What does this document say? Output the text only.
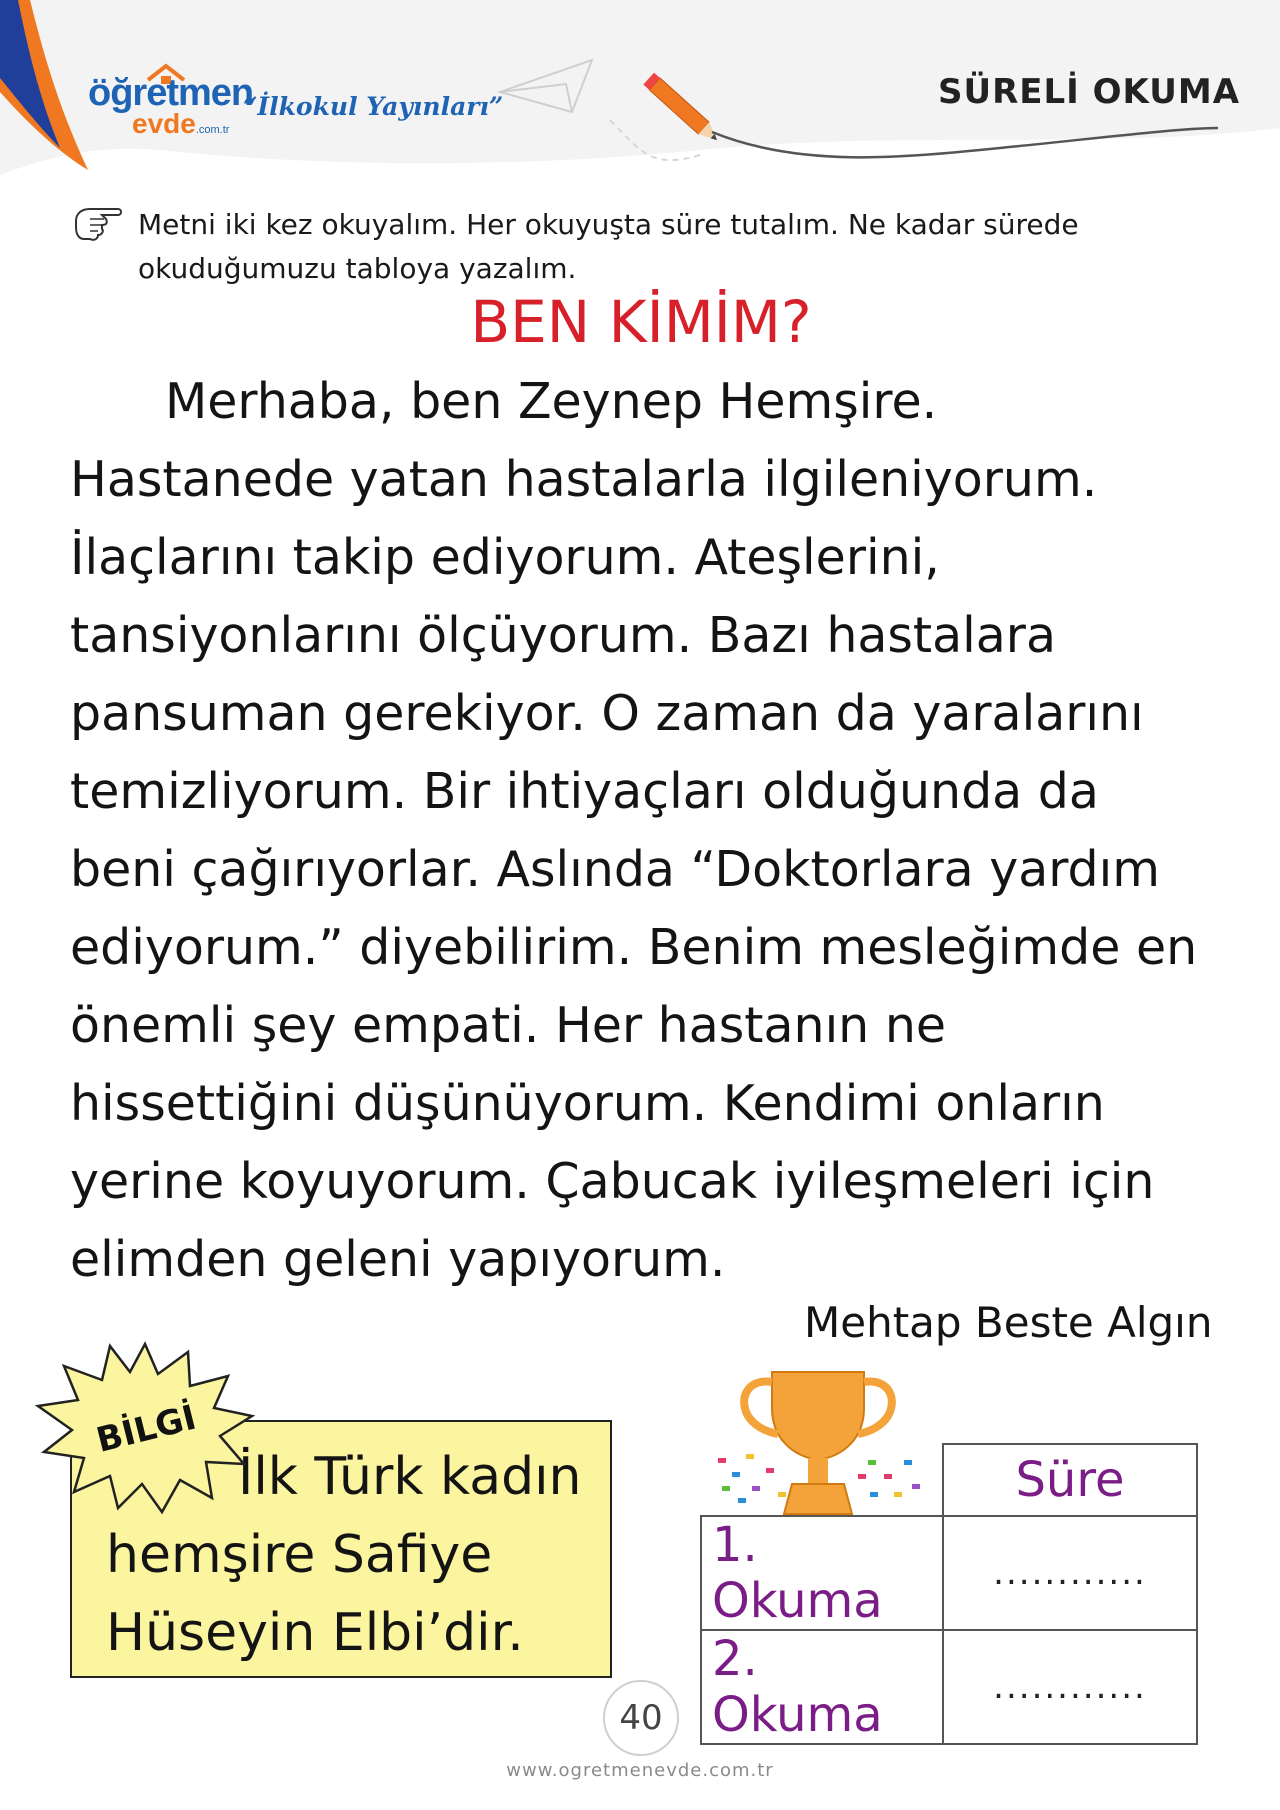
öğretmen
evde.com.tr
“İlkokul Yayınları”	SÜRELİ OKUMA
Metni iki kez okuyalım. Her okuyuşta süre tutalım. Ne kadar sürede okuduğumuzu tabloya yazalım.
BEN KİMİM?
Merhaba, ben Zeynep Hemşire.
Hastanede yatan hastalarla ilgileniyorum.
İlaçlarını takip ediyorum. Ateşlerini,
tansiyonlarını ölçüyorum. Bazı hastalara
pansuman gerekiyor. O zaman da yaralarını
temizliyorum. Bir ihtiyaçları olduğunda da
beni çağırıyorlar. Aslında “Doktorlara yardım
ediyorum.” diyebilirim. Benim mesleğimde en
önemli şey empati. Her hastanın ne
hissettiğini düşünüyorum. Kendimi onların
yerine koyuyorum. Çabucak iyileşmeleri için
elimden geleni yapıyorum.
Mehtap Beste Algın
İlk Türk kadın
hemşire Safiye
Hüseyin Elbi’dir.
BİLGİ
	Süre
1. Okuma	............
2. Okuma	............
40
www.ogretmenevde.com.tr
